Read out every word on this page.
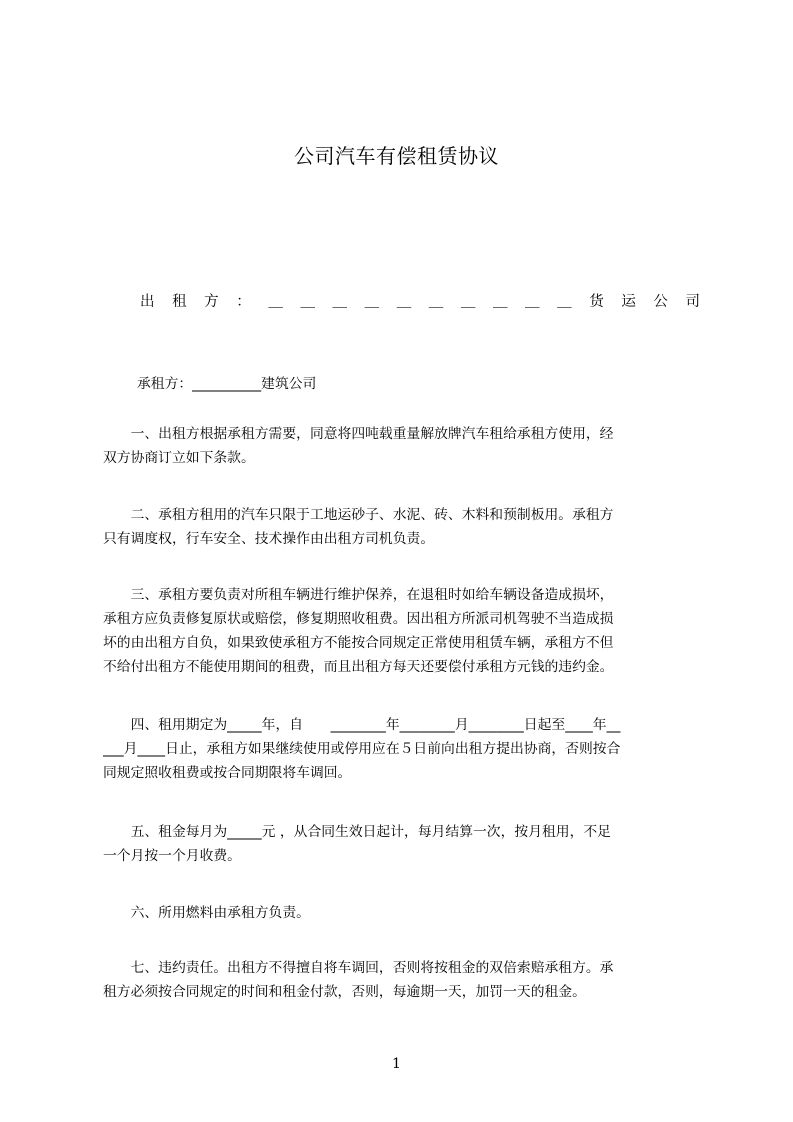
公司汽车有偿租赁协议
出租方：＿＿＿＿＿＿＿＿＿＿货运公司
承租方：__________建筑公司

　　一、出租方根据承租方需要，同意将四吨载重量解放牌汽车租给承租方使用，经
双方协商订立如下条款。

　　二、承租方租用的汽车只限于工地运砂子、水泥、砖、木料和预制板用。承租方
只有调度权，行车安全、技术操作由出租方司机负责。

　　三、承租方要负责对所租车辆进行维护保养，在退租时如给车辆设备造成损坏，
承租方应负责修复原状或赔偿，修复期照收租费。因出租方所派司机驾驶不当造成损
坏的由出租方自负，如果致使承租方不能按合同规定正常使用租赁车辆，承租方不但
不给付出租方不能使用期间的租费，而且出租方每天还要偿付承租方元钱的违约金。

　　四、租用期定为_____年，自　　________年________月________日起至____年__
___月____日止，承租方如果继续使用或停用应在５日前向出租方提出协商，否则按合
同规定照收租费或按合同期限将车调回。

　　五、租金每月为_____元 ，从合同生效日起计，每月结算一次，按月租用，不足
一个月按一个月收费。

　　六、所用燃料由承租方负责。

　　七、违约责任。出租方不得擅自将车调回，否则将按租金的双倍索赔承租方。承
租方必须按合同规定的时间和租金付款，否则，每逾期一天，加罚一天的租金。

1
